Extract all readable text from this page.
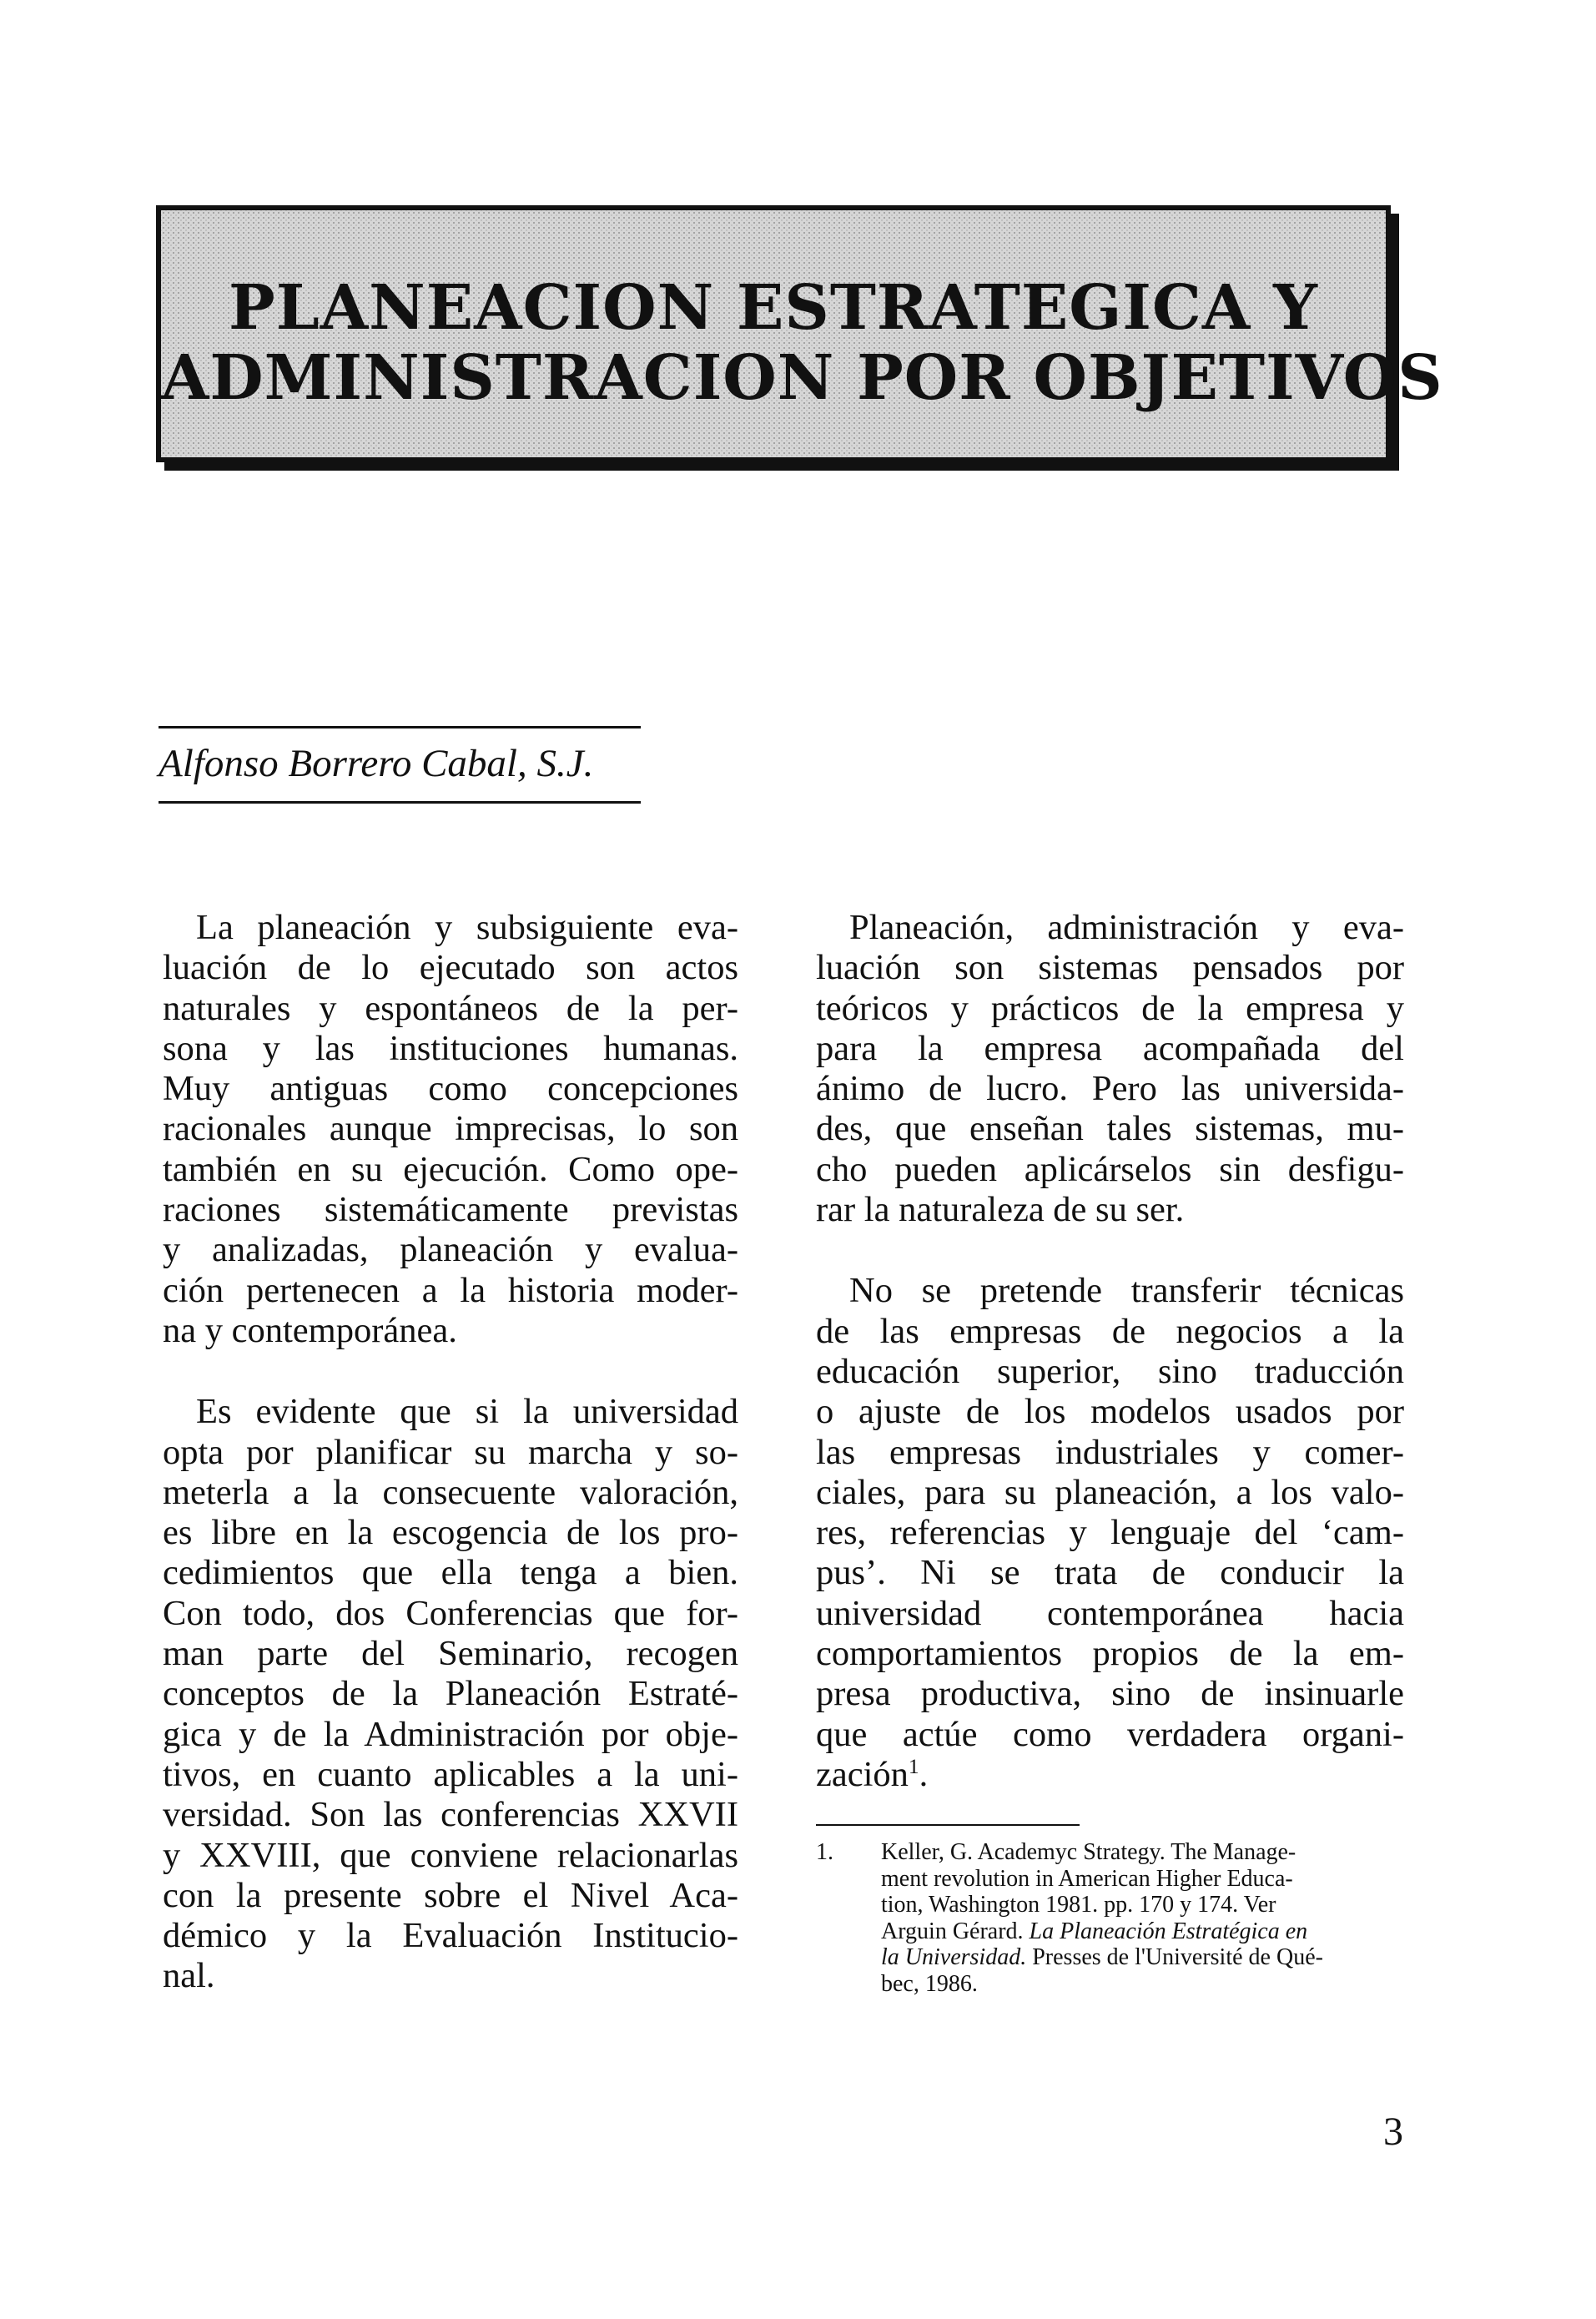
PLANEACION ESTRATEGICA Y
ADMINISTRACION POR OBJETIVOS
Alfonso Borrero Cabal, S.J.

La planeación y subsiguiente eva-
luación de lo ejecutado son actos
naturales y espontáneos de la per-
sona y las instituciones humanas.
Muy antiguas como concepciones
racionales aunque imprecisas, lo son
también en su ejecución. Como ope-
raciones sistemáticamente previstas
y analizadas, planeación y evalua-
ción pertenecen a la historia moder-
na y contemporánea.

Es evidente que si la universidad
opta por planificar su marcha y so-
meterla a la consecuente valoración,
es libre en la escogencia de los pro-
cedimientos que ella tenga a bien.
Con todo, dos Conferencias que for-
man parte del Seminario, recogen
conceptos de la Planeación Estraté-
gica y de la Administración por obje-
tivos, en cuanto aplicables a la uni-
versidad. Son las conferencias XXVII
y XXVIII, que conviene relacionarlas
con la presente sobre el Nivel Aca-
démico y la Evaluación Institucio-
nal.

Planeación, administración y eva-
luación son sistemas pensados por
teóricos y prácticos de la empresa y
para la empresa acompañada del
ánimo de lucro. Pero las universida-
des, que enseñan tales sistemas, mu-
cho pueden aplicárselos sin desfigu-
rar la naturaleza de su ser.

No se pretende transferir técnicas
de las empresas de negocios a la
educación superior, sino traducción
o ajuste de los modelos usados por
las empresas industriales y comer-
ciales, para su planeación, a los valo-
res, referencias y lenguaje del ‘cam-
pus’. Ni se trata de conducir la
universidad contemporánea hacia
comportamientos propios de la em-
presa productiva, sino de insinuarle
que actúe como verdadera organi-
zación$^1$.

1. Keller, G. Academyc Strategy. The Manage-
ment revolution in American Higher Educa-
tion, Washington 1981. pp. 170 y 174. Ver
Arguin Gérard. La Planeación Estratégica en
la Universidad. Presses de l'Université de Qué-
bec, 1986.
3
